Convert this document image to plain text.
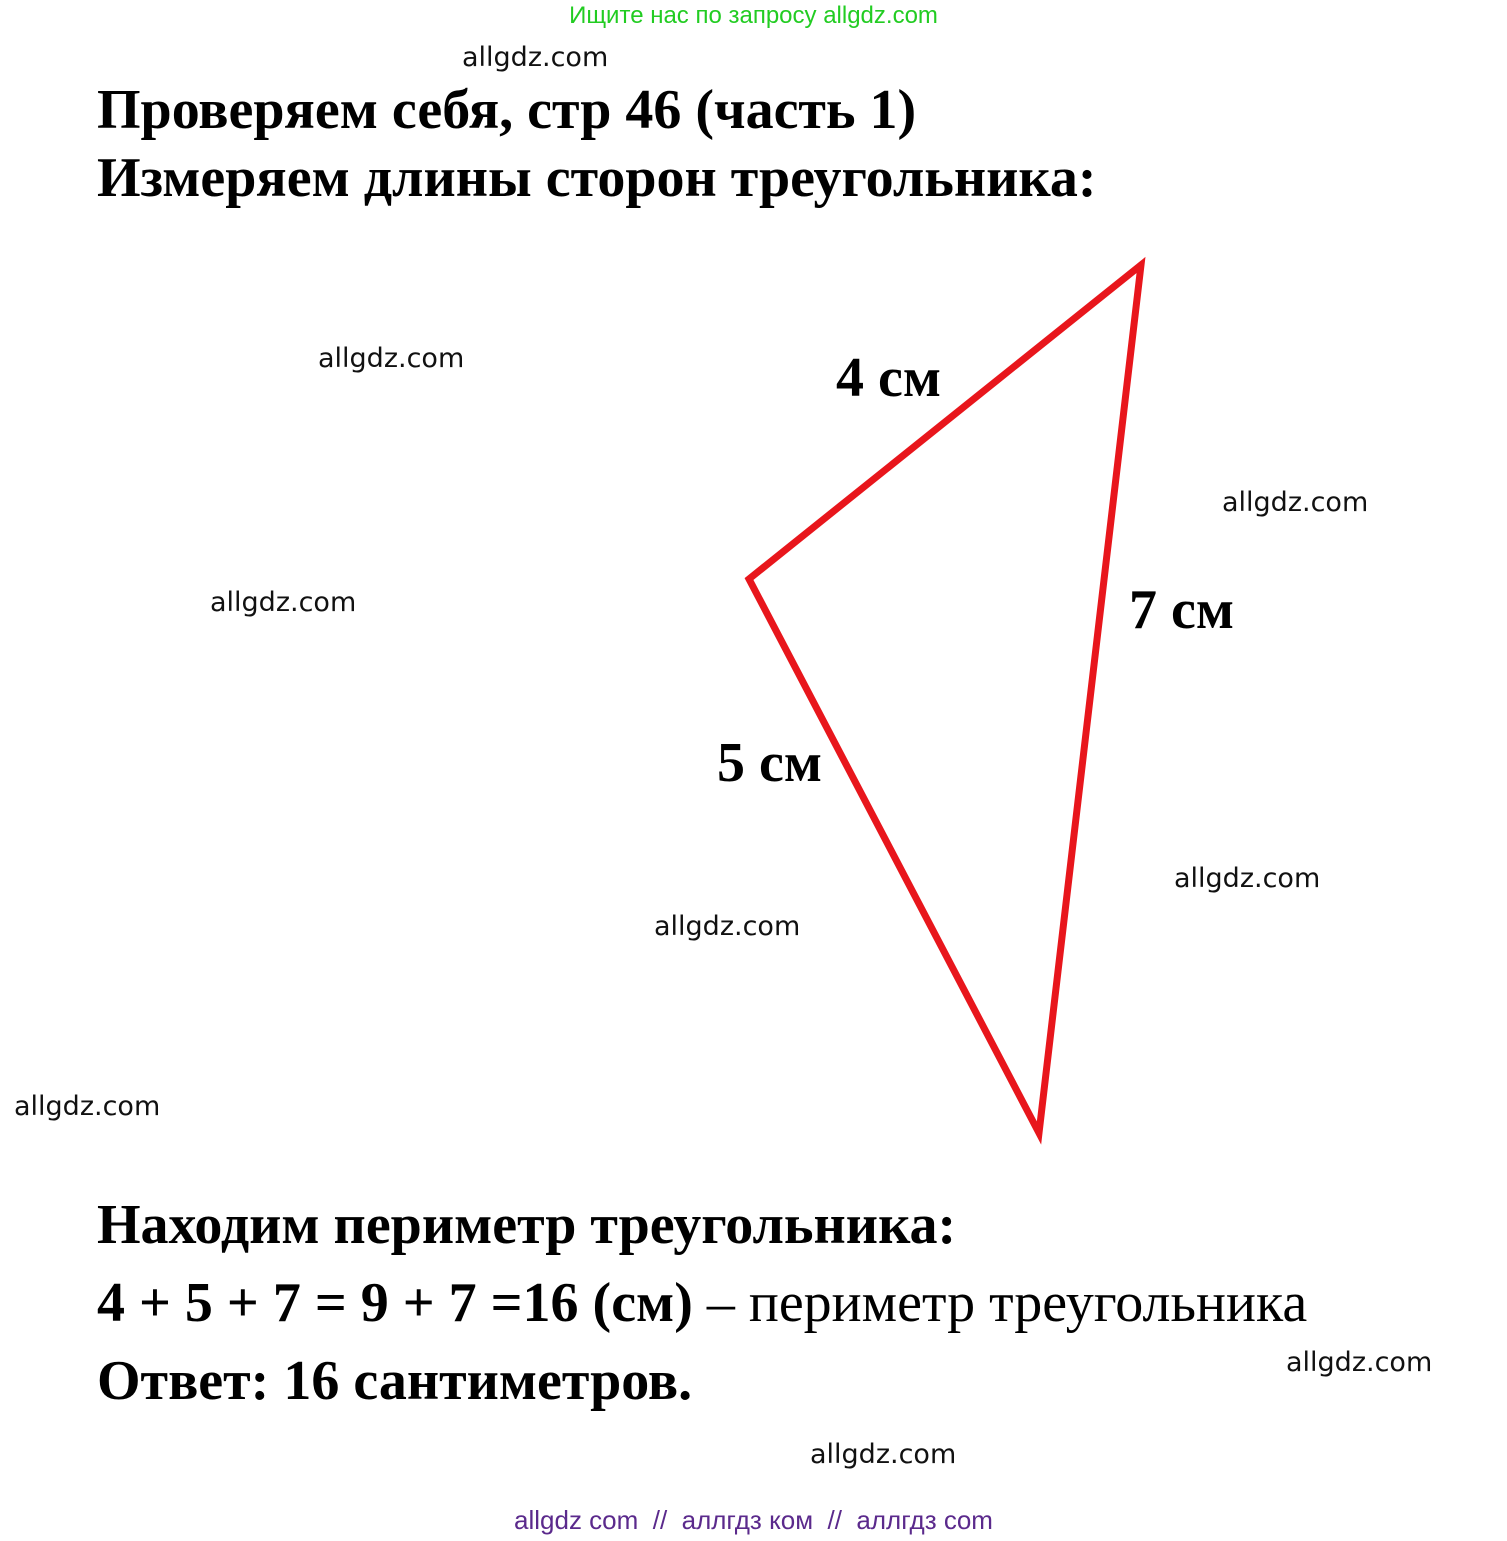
Ищите нас по запросу allgdz.com
allgdz.com
Проверяем себя, стр 46 (часть 1)
Измеряем длины сторон треугольника:
allgdz.com
allgdz.com
allgdz.com
allgdz.com
allgdz.com
allgdz.com
allgdz.com
allgdz.com
4 см
7 см
5 см
Находим периметр треугольника:
4 + 5 + 7 = 9 + 7 =16 (см) – периметр треугольника
Ответ: 16 сантиметров.
allgdz com  //  аллгдз ком  //  аллгдз com
